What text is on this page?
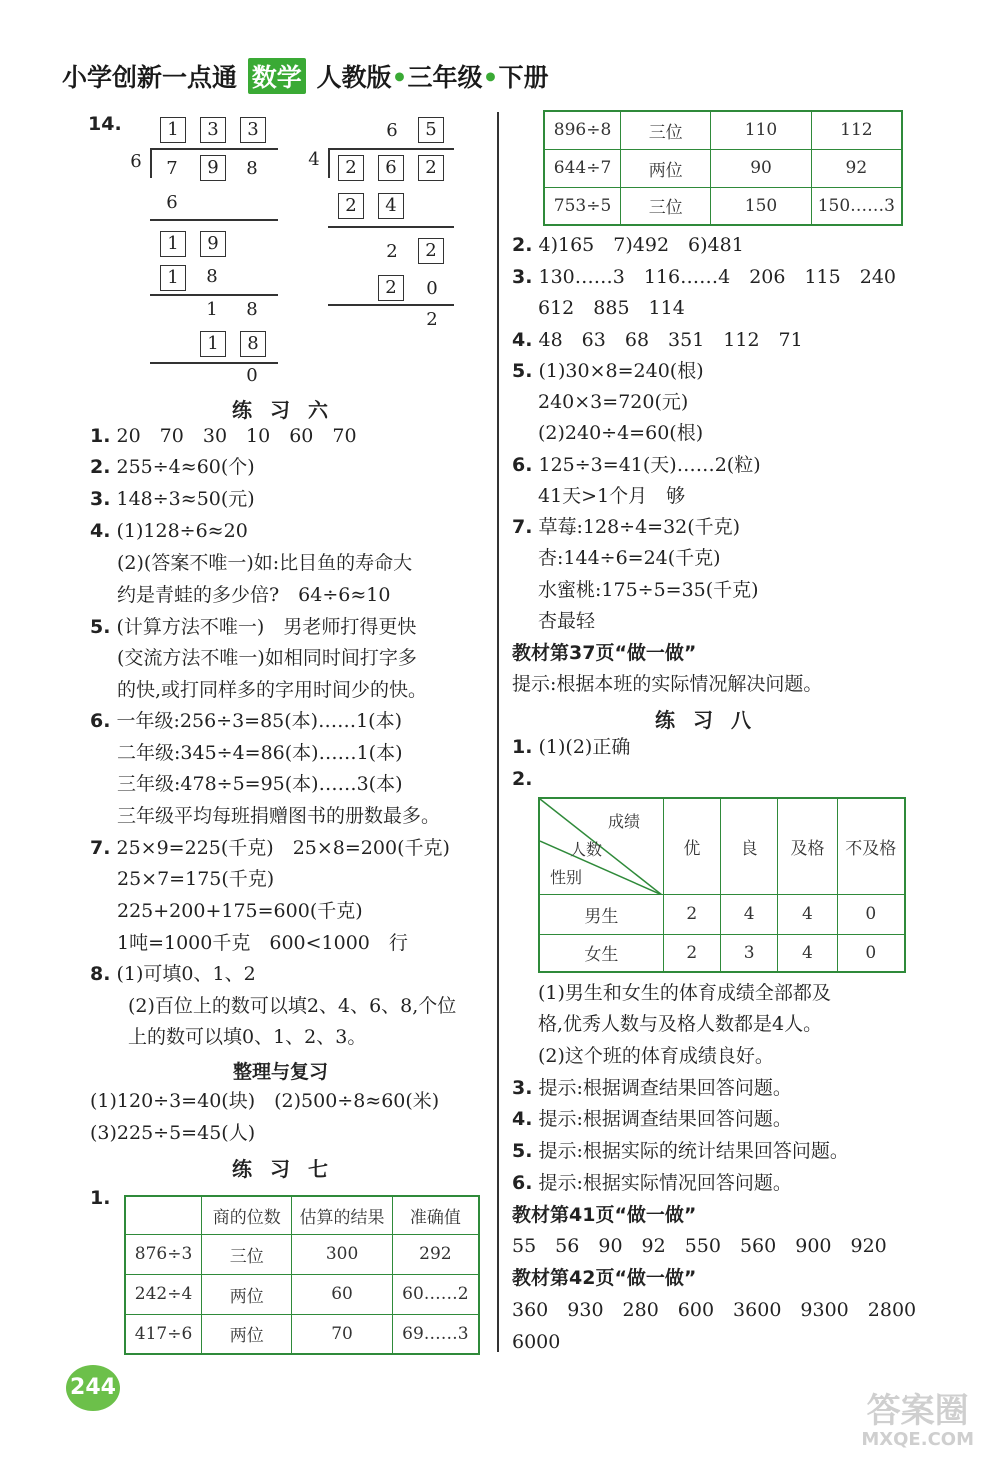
小学创新一点通 数学 人教版•三年级•下册
14.	1	3	3
6	7	9	8
6
1	9
1	8
1	8
1	8
0
6	5
4	2	6	2
2	4
2	2
2	0
2
练习六
1. 20　70　30　10　60　70
2. 255÷4≈60(个)
3. 148÷3≈50(元)
4. (1)128÷6≈20
(2)(答案不唯一)如:比目鱼的寿命大
约是青蛙的多少倍?　64÷6≈10
5. (计算方法不唯一)　男老师打得更快
(交流方法不唯一)如相同时间打字多
的快,或打同样多的字用时间少的快。
6. 一年级:256÷3=85(本)……1(本)
二年级:345÷4=86(本)……1(本)
三年级:478÷5=95(本)……3(本)
三年级平均每班捐赠图书的册数最多。
7. 25×9=225(千克)　25×8=200(千克)
25×7=175(千克)
225+200+175=600(千克)
1吨=1000千克　600<1000　行
8. (1)可填0、1、2
(2)百位上的数可以填2、4、6、8,个位
上的数可以填0、1、2、3。
整理与复习
(1)120÷3=40(块)　(2)500÷8≈60(米)
(3)225÷5=45(人)
练习七
1.
	商的位数	估算的结果	准确值
876÷3	三位	300	292
242÷4	两位	60	60……2
417÷6	两位	70	69……3
896÷8	三位	110	112
644÷7	两位	90	92
753÷5	三位	150	150……3
2. 4)165　7)492　6)481
3. 130……3　116……4　206　115　240
612　885　114
4. 48　63　68　351　112　71
5. (1)30×8=240(根)
240×3=720(元)
(2)240÷4=60(根)
6. 125÷3=41(天)……2(粒)
41天>1个月　够
7. 草莓:128÷4=32(千克)
杏:144÷6=24(千克)
水蜜桃:175÷5=35(千克)
杏最轻
教材第37页“做一做”
提示:根据本班的实际情况解决问题。
练习八
1. (1)(2)正确
2.
成绩
人数
性别	优	良	及格	不及格
男生	2	4	4	0
女生	2	3	4	0
(1)男生和女生的体育成绩全部都及
格,优秀人数与及格人数都是4人。
(2)这个班的体育成绩良好。
3. 提示:根据调查结果回答问题。
4. 提示:根据调查结果回答问题。
5. 提示:根据实际的统计结果回答问题。
6. 提示:根据实际情况回答问题。
教材第41页“做一做”
55　56　90　92　550　560　900　920
教材第42页“做一做”
360　930　280　600　3600　9300　2800
6000
244
答案圈
MXQE.COM
